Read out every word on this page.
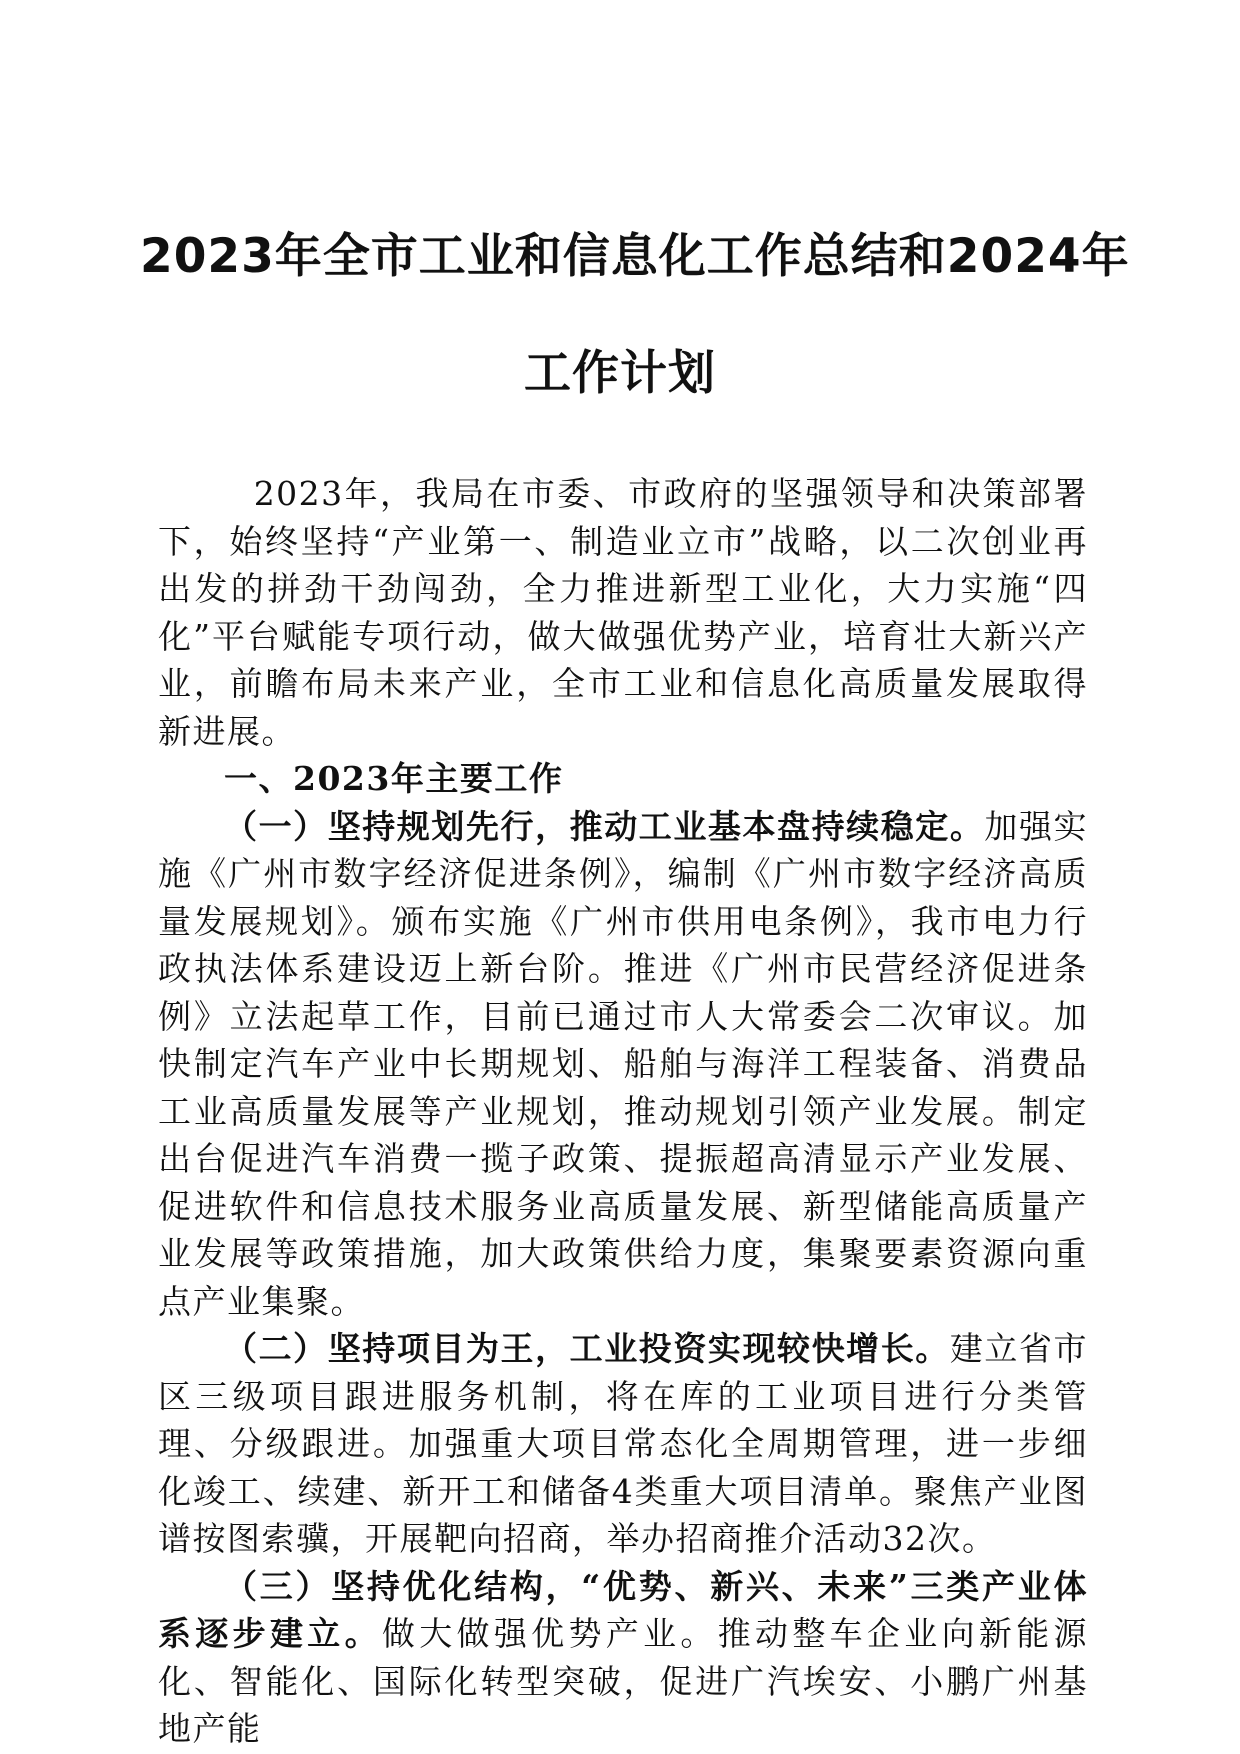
2023年全市工业和信息化工作总结和2024年
工作计划

2023年，我局在市委、市政府的坚强领导和决策部署下，始终坚持“产业第一、制造业立市”战略，以二次创业再出发的拼劲干劲闯劲，全力推进新型工业化，大力实施“四化”平台赋能专项行动，做大做强优势产业，培育壮大新兴产业，前瞻布局未来产业，全市工业和信息化高质量发展取得新进展。

一、2023年主要工作

（一）坚持规划先行，推动工业基本盘持续稳定。加强实施《广州市数字经济促进条例》，编制《广州市数字经济高质量发展规划》。颁布实施《广州市供用电条例》，我市电力行政执法体系建设迈上新台阶。推进《广州市民营经济促进条例》立法起草工作，目前已通过市人大常委会二次审议。加快制定汽车产业中长期规划、船舶与海洋工程装备、消费品工业高质量发展等产业规划，推动规划引领产业发展。制定出台促进汽车消费一揽子政策、提振超高清显示产业发展、促进软件和信息技术服务业高质量发展、新型储能高质量产业发展等政策措施，加大政策供给力度，集聚要素资源向重点产业集聚。

（二）坚持项目为王，工业投资实现较快增长。建立省市区三级项目跟进服务机制，将在库的工业项目进行分类管理、分级跟进。加强重大项目常态化全周期管理，进一步细化竣工、续建、新开工和储备4类重大项目清单。聚焦产业图谱按图索骥，开展靶向招商，举办招商推介活动32次。

（三）坚持优化结构，“优势、新兴、未来”三类产业体系逐步建立。做大做强优势产业。推动整车企业向新能源化、智能化、国际化转型突破，促进广汽埃安、小鹏广州基地产能
